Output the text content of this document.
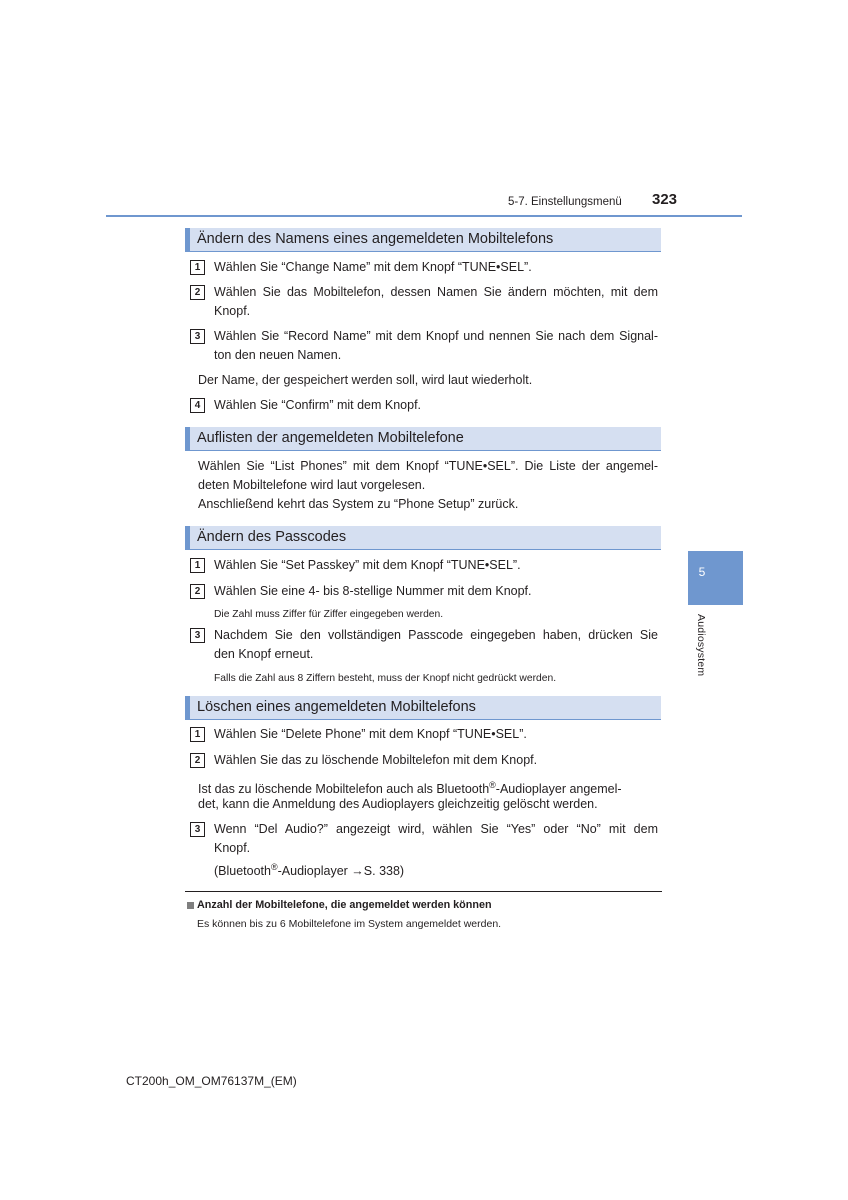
5-7. Einstellungsmenü 323
5
Audiosystem
Ändern des Namens eines angemeldeten Mobiltelefons
1	Wählen Sie “Change Name” mit dem Knopf “TUNE•SEL”.
2	Wählen Sie das Mobiltelefon, dessen Namen Sie ändern möchten, mit dem
Knopf.
3	Wählen Sie “Record Name” mit dem Knopf und nennen Sie nach dem Signal-
ton den neuen Namen.
Der Name, der gespeichert werden soll, wird laut wiederholt.
4	Wählen Sie “Confirm” mit dem Knopf.
Auflisten der angemeldeten Mobiltelefone
Wählen Sie “List Phones” mit dem Knopf “TUNE•SEL”. Die Liste der angemel-
deten Mobiltelefone wird laut vorgelesen.
Anschließend kehrt das System zu “Phone Setup” zurück.
Ändern des Passcodes
1	Wählen Sie “Set Passkey” mit dem Knopf “TUNE•SEL”.
2	Wählen Sie eine 4- bis 8-stellige Nummer mit dem Knopf.
Die Zahl muss Ziffer für Ziffer eingegeben werden.
3	Nachdem Sie den vollständigen Passcode eingegeben haben, drücken Sie
den Knopf erneut.
Falls die Zahl aus 8 Ziffern besteht, muss der Knopf nicht gedrückt werden.
Löschen eines angemeldeten Mobiltelefons
1	Wählen Sie “Delete Phone” mit dem Knopf “TUNE•SEL”.
2	Wählen Sie das zu löschende Mobiltelefon mit dem Knopf.
Ist das zu löschende Mobiltelefon auch als Bluetooth®-Audioplayer angemel-
det, kann die Anmeldung des Audioplayers gleichzeitig gelöscht werden.
3	Wenn “Del Audio?” angezeigt wird, wählen Sie “Yes” oder “No” mit dem
Knopf.
(Bluetooth®-Audioplayer →S. 338)
Anzahl der Mobiltelefone, die angemeldet werden können
Es können bis zu 6 Mobiltelefone im System angemeldet werden.
CT200h_OM_OM76137M_(EM)
